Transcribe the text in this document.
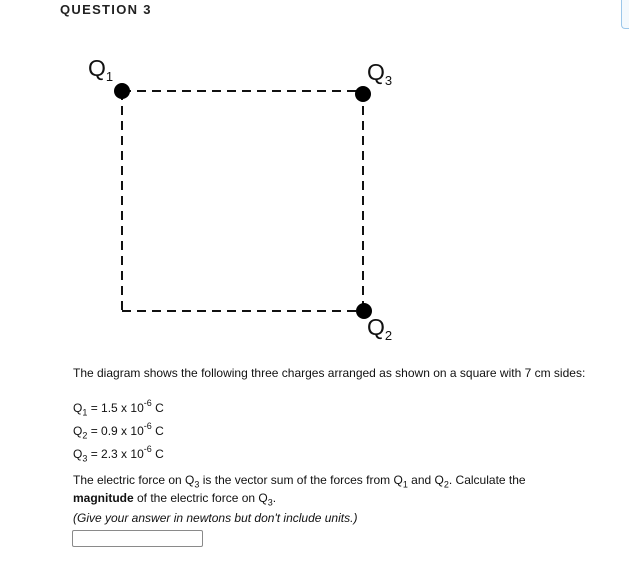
QUESTION 3
$Q_1$	$Q_3$
$Q_2$
The diagram shows the following three charges arranged as shown on a square with 7 cm sides:
$Q_1 = 1.5$ x $10^{-6}$ C
$Q_2 = 0.9$ x $10^{-6}$ C
$Q_3 = 2.3$ x $10^{-6}$ C
The electric force on $Q_3$ is the vector sum of the forces from $Q_1$ and $Q_2$. Calculate the
magnitude of the electric force on $Q_3$.
(Give your answer in newtons but don't include units.)
